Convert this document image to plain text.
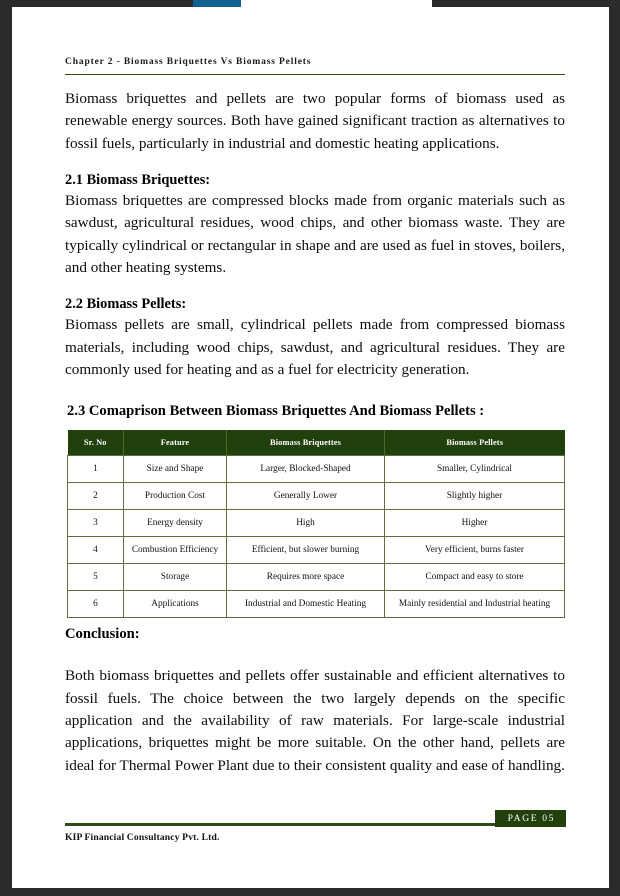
Chapter 2 - Biomass Briquettes Vs Biomass Pellets

Biomass briquettes and pellets are two popular forms of biomass used as renewable energy sources. Both have gained significant traction as alternatives to fossil fuels, particularly in industrial and domestic heating applications.

2.1 Biomass Briquettes:

Biomass briquettes are compressed blocks made from organic materials such as sawdust, agricultural residues, wood chips, and other biomass waste. They are typically cylindrical or rectangular in shape and are used as fuel in stoves, boilers, and other heating systems.

2.2 Biomass Pellets:

Biomass pellets are small, cylindrical pellets made from compressed biomass materials, including wood chips, sawdust, and agricultural residues. They are commonly used for heating and as a fuel for electricity generation.

2.3 Comaprison Between Biomass Briquettes And Biomass Pellets :
Sr. No	Feature	Biomass Briquettes	Biomass Pellets
1	Size and Shape	Larger, Blocked-Shaped	Smaller, Cylindrical
2	Production Cost	Generally Lower	Slightly higher
3	Energy density	High	Higher
4	Combustion Efficiency	Efficient, but slower burning	Very efficient, burns faster
5	Storage	Requires more space	Compact and easy to store
6	Applications	Industrial and Domestic Heating	Mainly residential and Industrial heating
Conclusion:

Both biomass briquettes and pellets offer sustainable and efficient alternatives to fossil fuels. The choice between the two largely depends on the specific application and the availability of raw materials. For large-scale industrial applications, briquettes might be more suitable. On the other hand, pellets are ideal for Thermal Power Plant due to their consistent quality and ease of handling.

PAGE 05
KIP Financial Consultancy Pvt. Ltd.
